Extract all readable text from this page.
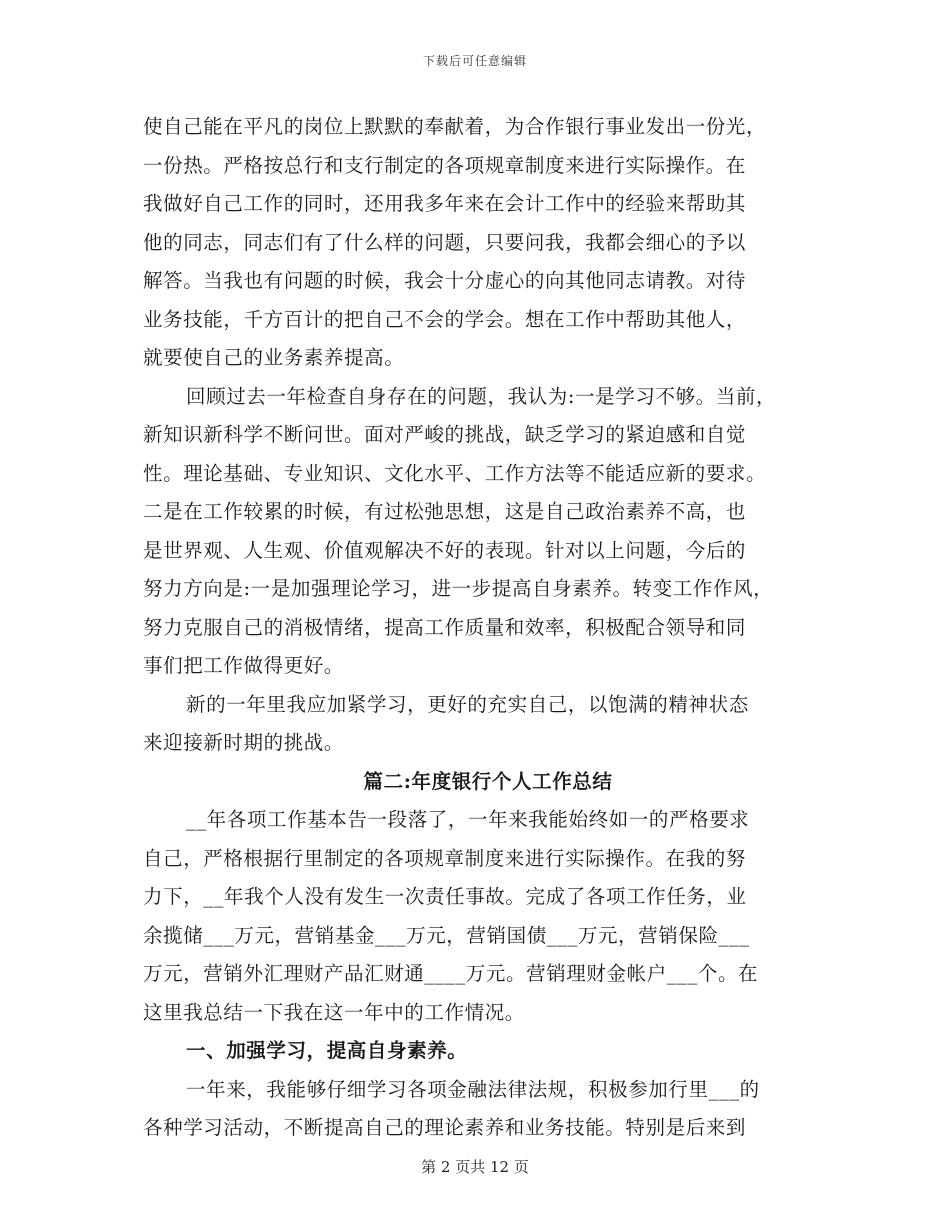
下载后可任意编辑
使自己能在平凡的岗位上默默的奉献着，为合作银行事业发出一份光，
一份热。严格按总行和支行制定的各项规章制度来进行实际操作。在
我做好自己工作的同时，还用我多年来在会计工作中的经验来帮助其
他的同志，同志们有了什么样的问题，只要问我，我都会细心的予以
解答。当我也有问题的时候，我会十分虚心的向其他同志请教。对待
业务技能，千方百计的把自己不会的学会。想在工作中帮助其他人，
就要使自己的业务素养提高。
回顾过去一年检查自身存在的问题，我认为:一是学习不够。当前，
新知识新科学不断问世。面对严峻的挑战，缺乏学习的紧迫感和自觉
性。理论基础、专业知识、文化水平、工作方法等不能适应新的要求。
二是在工作较累的时候，有过松弛思想，这是自己政治素养不高，也
是世界观、人生观、价值观解决不好的表现。针对以上问题，今后的
努力方向是:一是加强理论学习，进一步提高自身素养。转变工作作风，
努力克服自己的消极情绪，提高工作质量和效率，积极配合领导和同
事们把工作做得更好。
新的一年里我应加紧学习，更好的充实自己，以饱满的精神状态
来迎接新时期的挑战。
篇二:年度银行个人工作总结
__年各项工作基本告一段落了，一年来我能始终如一的严格要求
自己，严格根据行里制定的各项规章制度来进行实际操作。在我的努
力下，__年我个人没有发生一次责任事故。完成了各项工作任务，业
余揽储___万元，营销基金___万元，营销国债___万元，营销保险___
万元，营销外汇理财产品汇财通____万元。营销理财金帐户___个。在
这里我总结一下我在这一年中的工作情况。
一、加强学习，提高自身素养。
一年来，我能够仔细学习各项金融法律法规，积极参加行里___的
各种学习活动，不断提高自己的理论素养和业务技能。特别是后来到
第 2 页共 12 页
